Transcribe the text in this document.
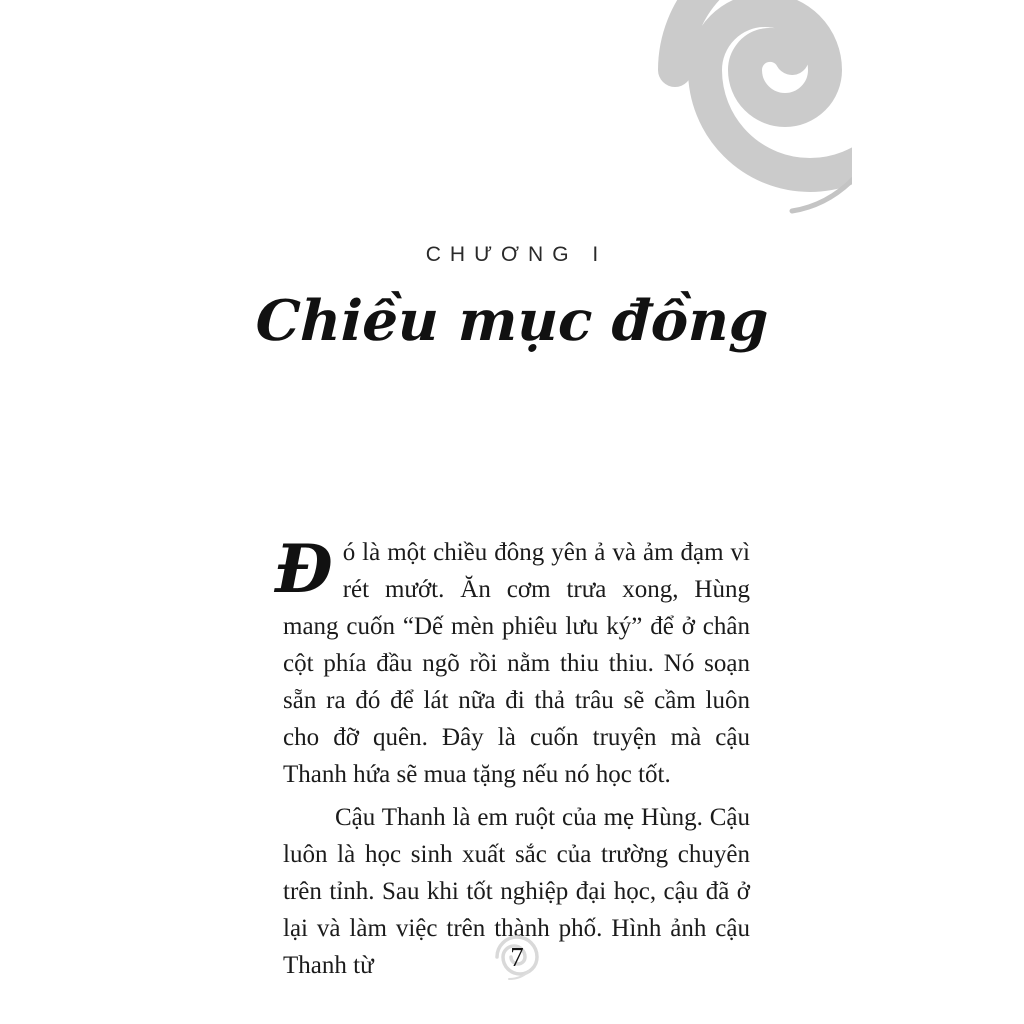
CHƯƠNG I
Chiều mục đồng

Đó là một chiều đông yên ả và ảm đạm vì rét mướt. Ăn cơm trưa xong, Hùng mang cuốn “Dế mèn phiêu lưu ký” để ở chân cột phía đầu ngõ rồi nằm thiu thiu. Nó soạn sẵn ra đó để lát nữa đi thả trâu sẽ cầm luôn cho đỡ quên. Đây là cuốn truyện mà cậu Thanh hứa sẽ mua tặng nếu nó học tốt.

Cậu Thanh là em ruột của mẹ Hùng. Cậu luôn là học sinh xuất sắc của trường chuyên trên tỉnh. Sau khi tốt nghiệp đại học, cậu đã ở lại và làm việc trên thành phố. Hình ảnh cậu Thanh từ	7
